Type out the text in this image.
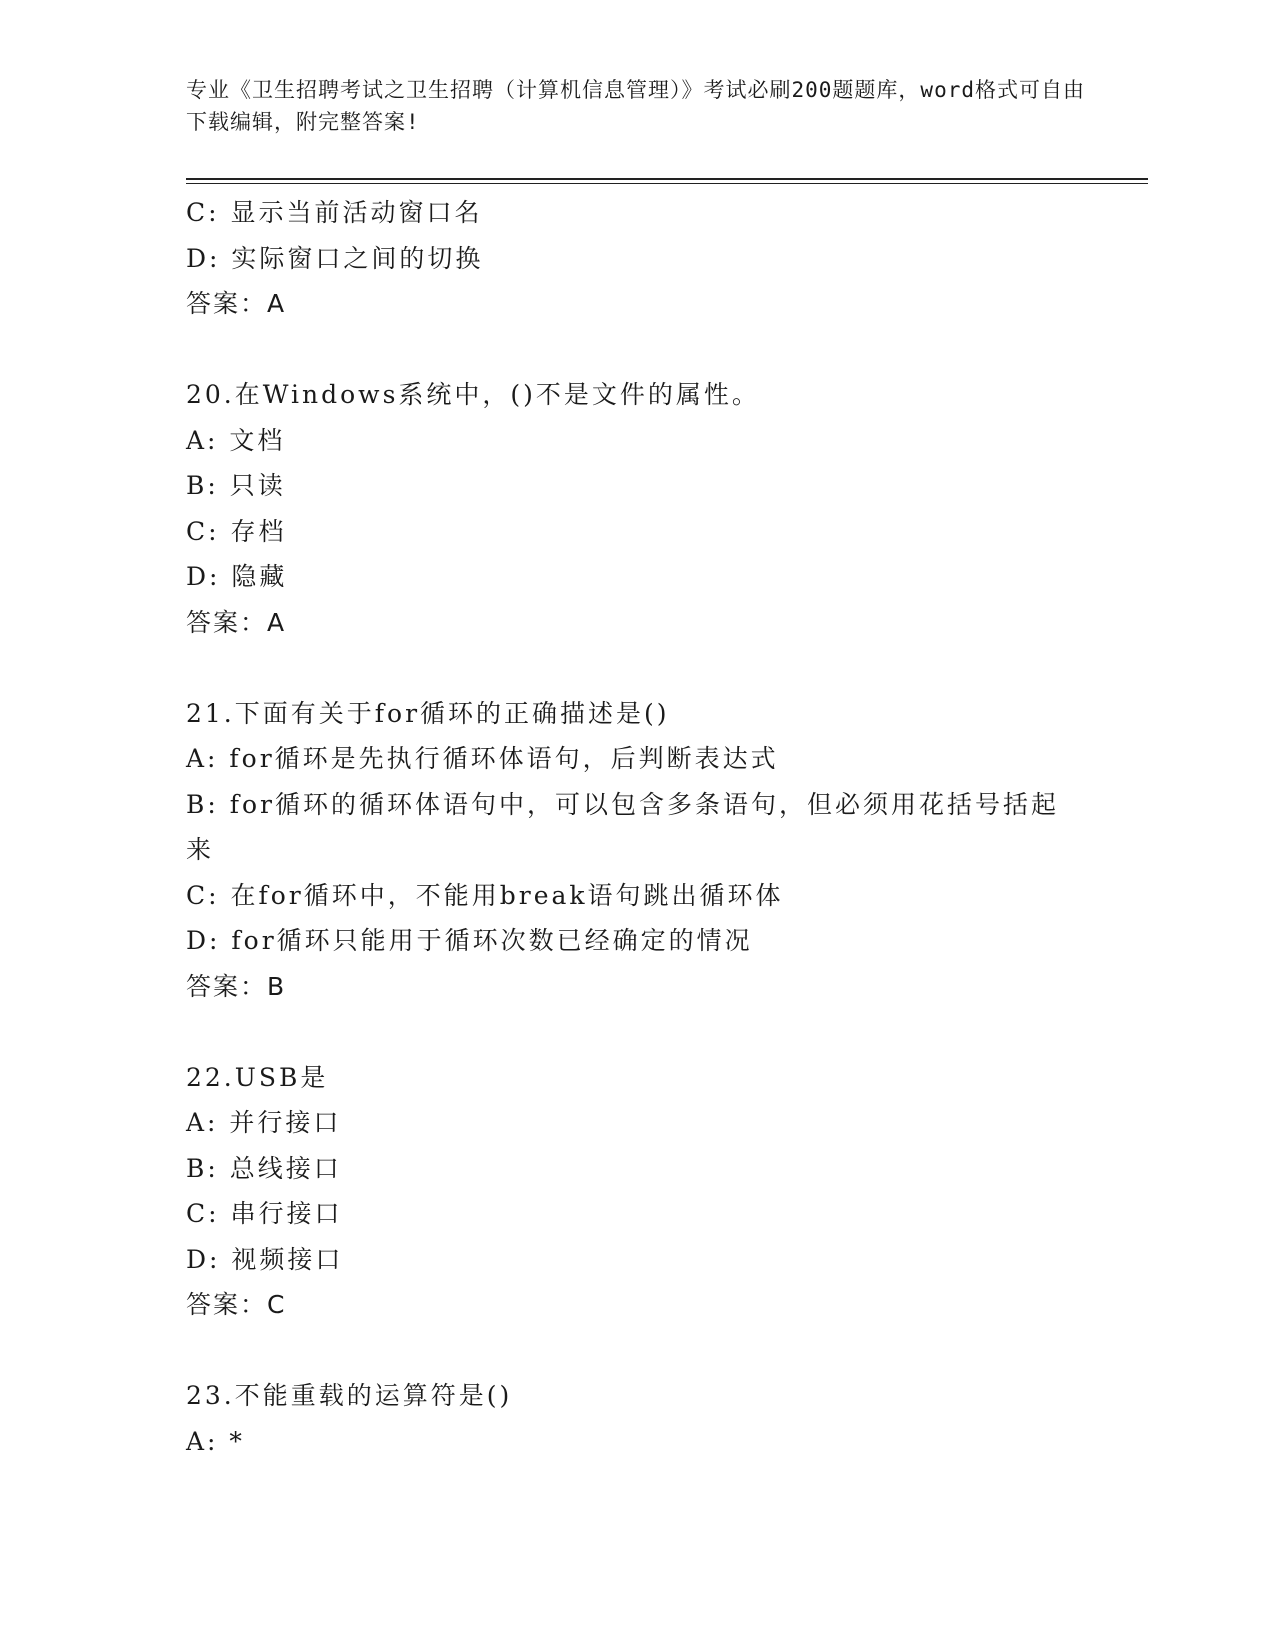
专业《卫生招聘考试之卫生招聘（计算机信息管理）》考试必刷200题题库，word格式可自由下载编辑，附完整答案!
C: 显示当前活动窗口名
D: 实际窗口之间的切换
答案：A
20.在Windows系统中，()不是文件的属性。
A: 文档
B: 只读
C: 存档
D: 隐藏
答案：A
21.下面有关于for循环的正确描述是()
A: for循环是先执行循环体语句，后判断表达式
B: for循环的循环体语句中，可以包含多条语句，但必须用花括号括起来
C: 在for循环中，不能用break语句跳出循环体
D: for循环只能用于循环次数已经确定的情况
答案：B
22.USB是
A: 并行接口
B: 总线接口
C: 串行接口
D: 视频接口
答案：C
23.不能重载的运算符是()
A: *
